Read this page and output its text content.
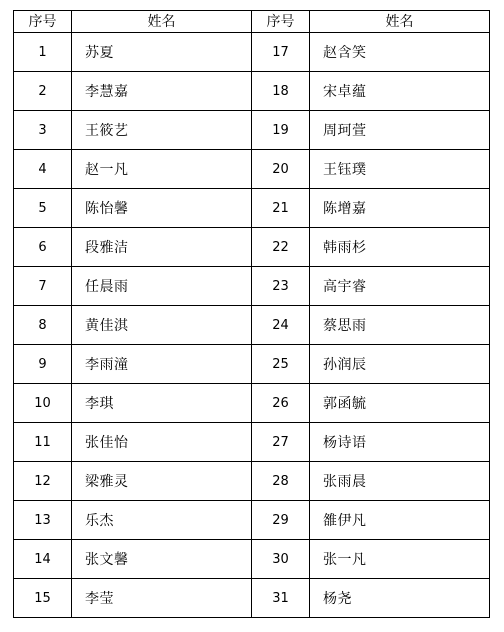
序号	姓名	序号	姓名
1	苏夏	17	赵含笑
2	李慧嘉	18	宋卓蕴
3	王筱艺	19	周珂萱
4	赵一凡	20	王钰璞
5	陈怡馨	21	陈增嘉
6	段雅洁	22	韩雨杉
7	任晨雨	23	高宇睿
8	黄佳淇	24	蔡思雨
9	李雨潼	25	孙润辰
10	李琪	26	郭函毓
11	张佳怡	27	杨诗语
12	梁雅灵	28	张雨晨
13	乐杰	29	雒伊凡
14	张文馨	30	张一凡
15	李莹	31	杨尧
